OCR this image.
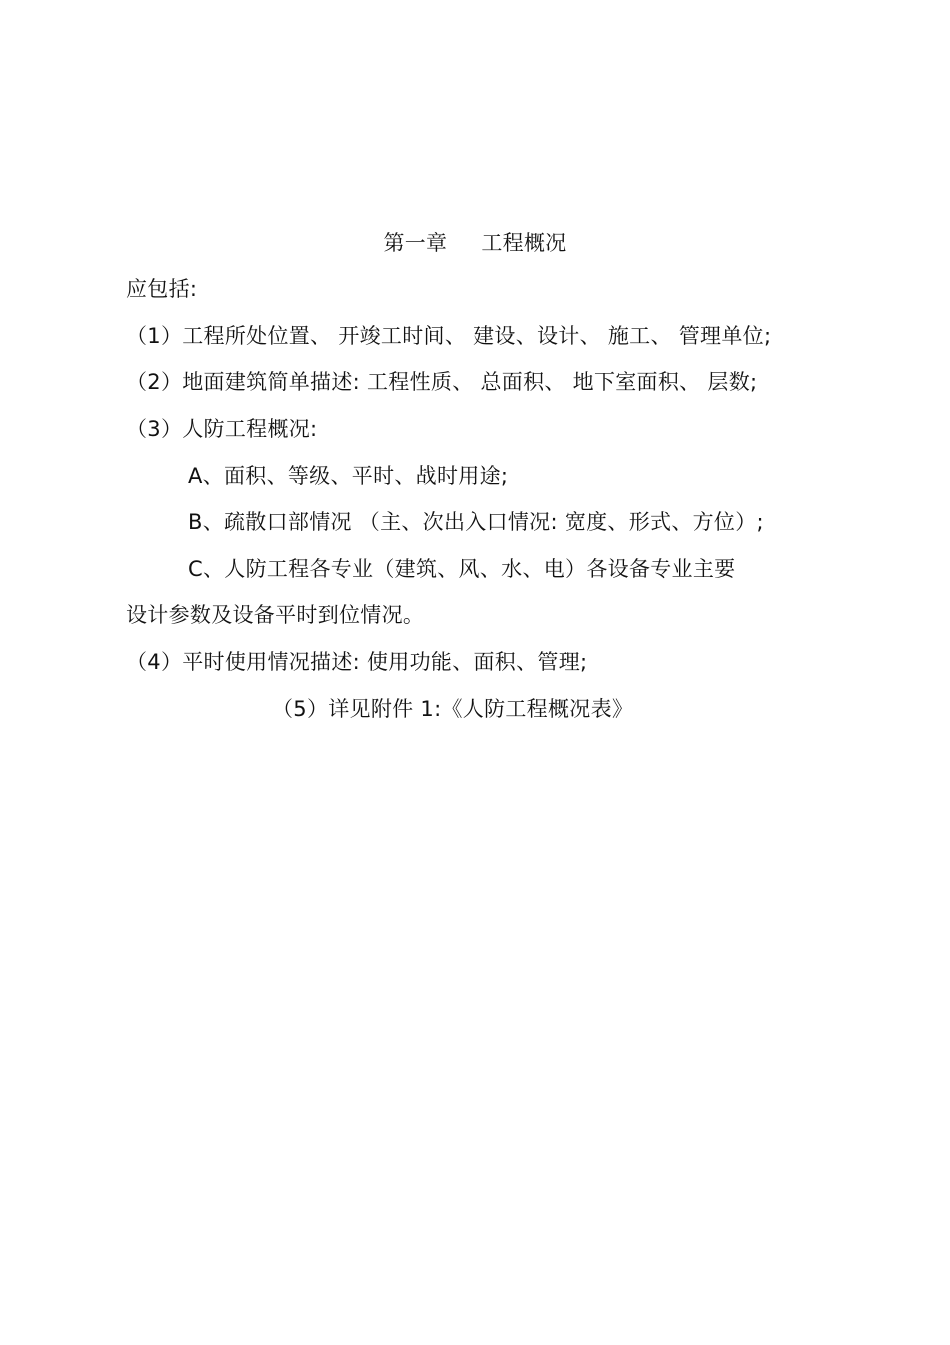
第一章 工程概况
应包括:
（1）工程所处位置、 开竣工时间、 建设、设计、 施工、 管理单位;
（2）地面建筑简单描述: 工程性质、 总面积、 地下室面积、 层数;
（3）人防工程概况:
A、面积、等级、平时、战时用途;
B、疏散口部情况 （主、次出入口情况: 宽度、形式、方位）;
C、人防工程各专业（建筑、风、水、电）各设备专业主要
设计参数及设备平时到位情况。
（4）平时使用情况描述: 使用功能、面积、管理;
（5）详见附件 1:《人防工程概况表》
